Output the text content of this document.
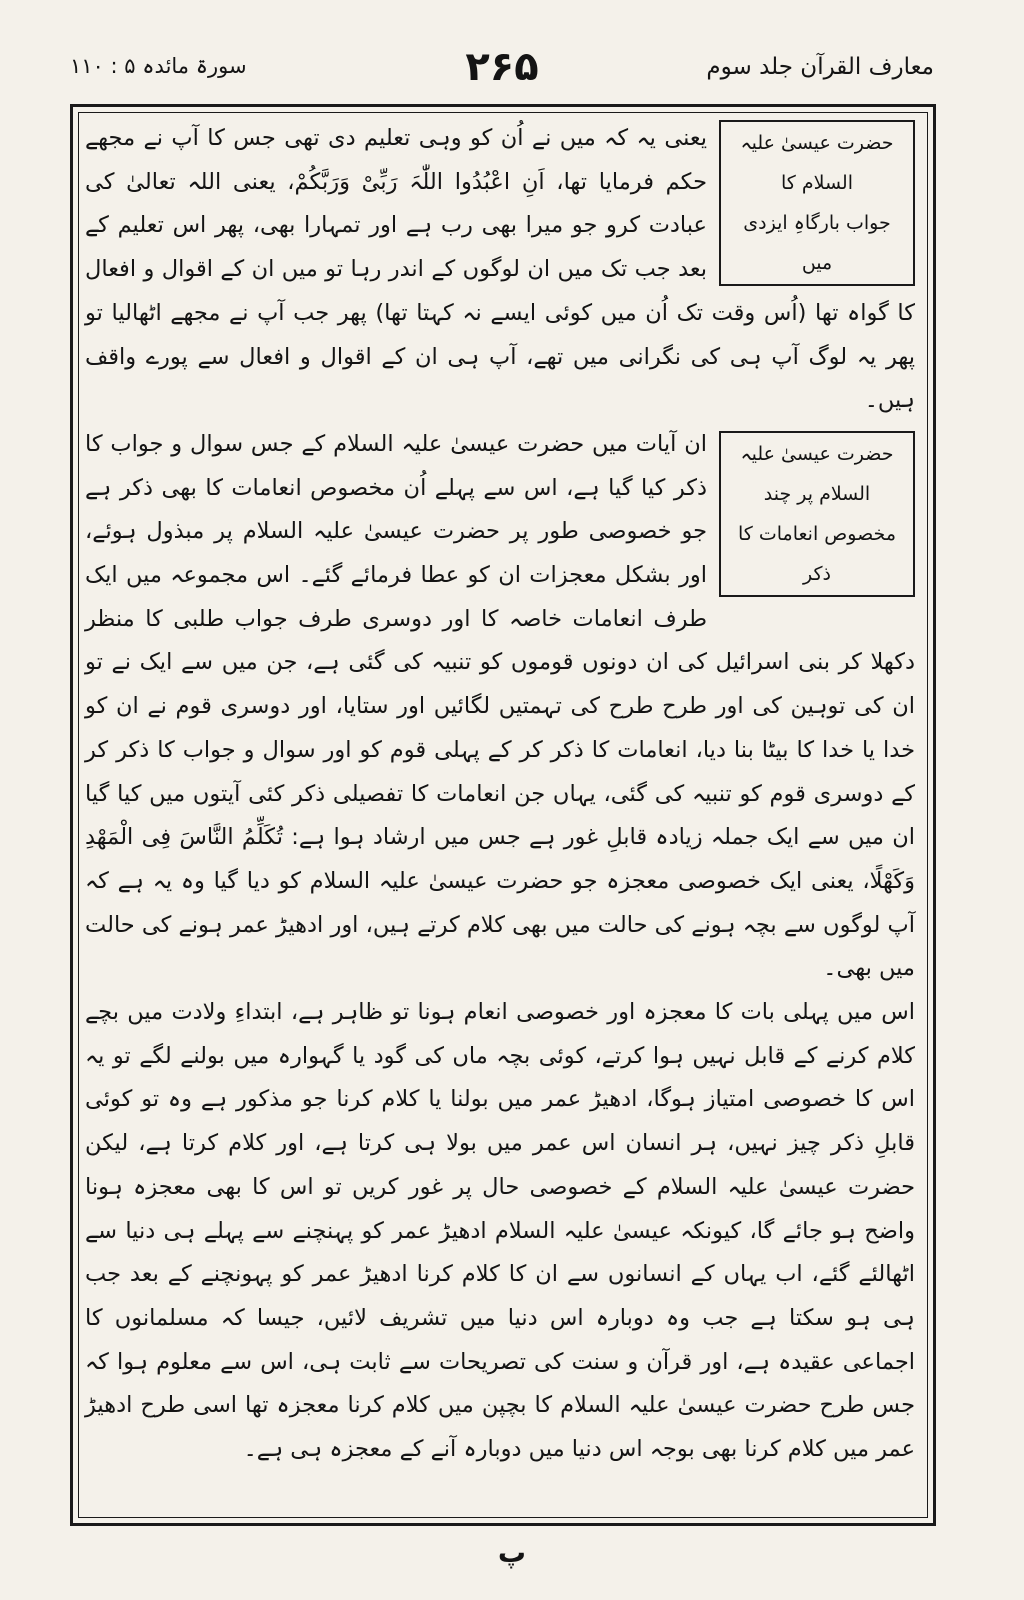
معارف القرآن جلد سوم
۲۶۵
سورۃ مائدہ ۵ : ۱۱۰
حضرت عیسیٰ علیہ السلام کا
جواب بارگاہِ ایزدی میں

یعنی یہ کہ میں نے اُن کو وہی تعلیم دی تھی جس کا آپ نے مجھے حکم فرمایا تھا، اَنِ اعْبُدُوا اللّٰہَ رَبِّیْ وَرَبَّکُمْ، یعنی اللہ تعالیٰ کی عبادت کرو جو میرا بھی رب ہے اور تمہارا بھی، پھر اس تعلیم کے بعد جب تک میں ان لوگوں کے اندر رہا تو میں ان کے اقوال و افعال کا گواہ تھا (اُس وقت تک اُن میں کوئی ایسے نہ کہتا تھا) پھر جب آپ نے مجھے اٹھالیا تو پھر یہ لوگ آپ ہی کی نگرانی میں تھے، آپ ہی ان کے اقوال و افعال سے پورے واقف ہیں۔

حضرت عیسیٰ علیہ السلام پر چند
مخصوص انعامات کا ذکر

ان آیات میں حضرت عیسیٰ علیہ السلام کے جس سوال و جواب کا ذکر کیا گیا ہے، اس سے پہلے اُن مخصوص انعامات کا بھی ذکر ہے جو خصوصی طور پر حضرت عیسیٰ علیہ السلام پر مبذول ہوئے، اور بشکل معجزات ان کو عطا فرمائے گئے۔ اس مجموعہ میں ایک طرف انعامات خاصہ کا اور دوسری طرف جواب طلبی کا منظر دکھلا کر بنی اسرائیل کی ان دونوں قوموں کو تنبیہ کی گئی ہے، جن میں سے ایک نے تو ان کی توہین کی اور طرح طرح کی تہمتیں لگائیں اور ستایا، اور دوسری قوم نے ان کو خدا یا خدا کا بیٹا بنا دیا، انعامات کا ذکر کر کے پہلی قوم کو اور سوال و جواب کا ذکر کر کے دوسری قوم کو تنبیہ کی گئی، یہاں جن انعامات کا تفصیلی ذکر کئی آیتوں میں کیا گیا ان میں سے ایک جملہ زیادہ قابلِ غور ہے جس میں ارشاد ہوا ہے: تُکَلِّمُ النَّاسَ فِی الْمَھْدِ وَکَھْلًا، یعنی ایک خصوصی معجزہ جو حضرت عیسیٰ علیہ السلام کو دیا گیا وہ یہ ہے کہ آپ لوگوں سے بچہ ہونے کی حالت میں بھی کلام کرتے ہیں، اور ادھیڑ عمر ہونے کی حالت میں بھی۔

اس میں پہلی بات کا معجزہ اور خصوصی انعام ہونا تو ظاہر ہے، ابتداءِ ولادت میں بچے کلام کرنے کے قابل نہیں ہوا کرتے، کوئی بچہ ماں کی گود یا گہوارہ میں بولنے لگے تو یہ اس کا خصوصی امتیاز ہوگا، ادھیڑ عمر میں بولنا یا کلام کرنا جو مذکور ہے وہ تو کوئی قابلِ ذکر چیز نہیں، ہر انسان اس عمر میں بولا ہی کرتا ہے، اور کلام کرتا ہے، لیکن حضرت عیسیٰ علیہ السلام کے خصوصی حال پر غور کریں تو اس کا بھی معجزہ ہونا واضح ہو جائے گا، کیونکہ عیسیٰ علیہ السلام ادھیڑ عمر کو پہنچنے سے پہلے ہی دنیا سے اٹھالئے گئے، اب یہاں کے انسانوں سے ان کا کلام کرنا ادھیڑ عمر کو پہونچنے کے بعد جب ہی ہو سکتا ہے جب وہ دوبارہ اس دنیا میں تشریف لائیں، جیسا کہ مسلمانوں کا اجماعی عقیدہ ہے، اور قرآن و سنت کی تصریحات سے ثابت ہی، اس سے معلوم ہوا کہ جس طرح حضرت عیسیٰ علیہ السلام کا بچپن میں کلام کرنا معجزہ تھا اسی طرح ادھیڑ عمر میں کلام کرنا بھی بوجہ اس دنیا میں دوبارہ آنے کے معجزہ ہی ہے۔

پ
